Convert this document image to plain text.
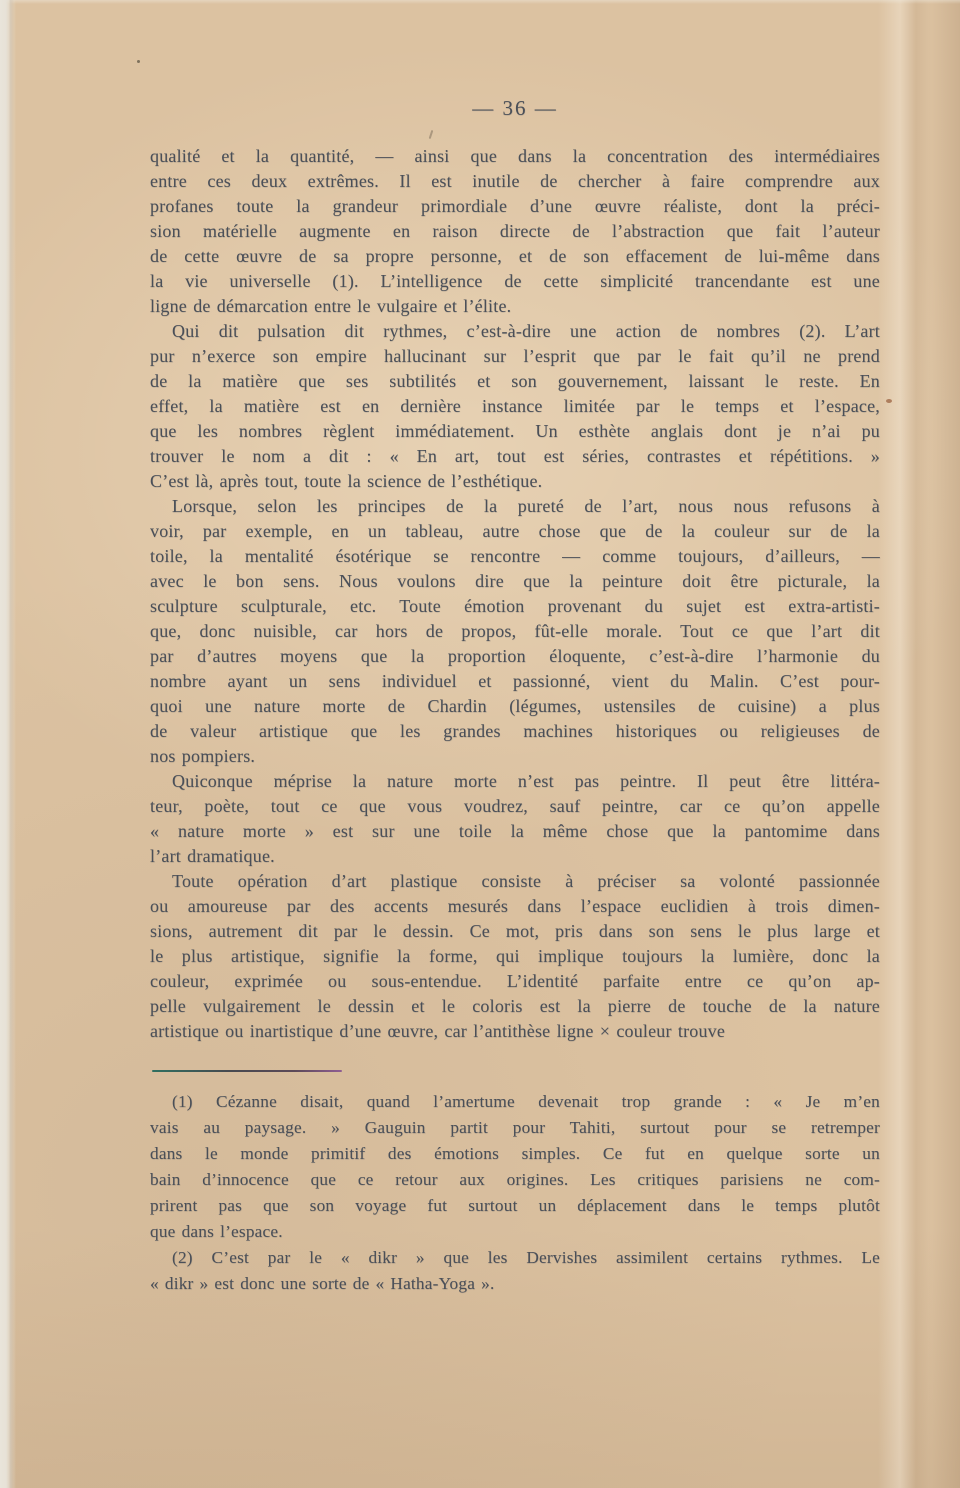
— 36 —
qualité et la quantité, — ainsi que dans la concentration des intermédiaires
entre ces deux extrêmes. Il est inutile de chercher à faire comprendre aux
profanes toute la grandeur primordiale d’une œuvre réaliste, dont la préci-
sion matérielle augmente en raison directe de l’abstraction que fait l’auteur
de cette œuvre de sa propre personne, et de son effacement de lui-même dans
la vie universelle (1). L’intelligence de cette simplicité trancendante est une
ligne de démarcation entre le vulgaire et l’élite.
Qui dit pulsation dit rythmes, c’est-à-dire une action de nombres (2). L’art
pur n’exerce son empire hallucinant sur l’esprit que par le fait qu’il ne prend
de la matière que ses subtilités et son gouvernement, laissant le reste. En
effet, la matière est en dernière instance limitée par le temps et l’espace,
que les nombres règlent immédiatement. Un esthète anglais dont je n’ai pu
trouver le nom a dit : « En art, tout est séries, contrastes et répétitions. »
C’est là, après tout, toute la science de l’esthétique.
Lorsque, selon les principes de la pureté de l’art, nous nous refusons à
voir, par exemple, en un tableau, autre chose que de la couleur sur de la
toile, la mentalité ésotérique se rencontre — comme toujours, d’ailleurs, —
avec le bon sens. Nous voulons dire que la peinture doit être picturale, la
sculpture sculpturale, etc. Toute émotion provenant du sujet est extra-artisti-
que, donc nuisible, car hors de propos, fût-elle morale. Tout ce que l’art dit
par d’autres moyens que la proportion éloquente, c’est-à-dire l’harmonie du
nombre ayant un sens individuel et passionné, vient du Malin. C’est pour-
quoi une nature morte de Chardin (légumes, ustensiles de cuisine) a plus
de valeur artistique que les grandes machines historiques ou religieuses de
nos pompiers.
Quiconque méprise la nature morte n’est pas peintre. Il peut être littéra-
teur, poète, tout ce que vous voudrez, sauf peintre, car ce qu’on appelle
« nature morte » est sur une toile la même chose que la pantomime dans
l’art dramatique.
Toute opération d’art plastique consiste à préciser sa volonté passionnée
ou amoureuse par des accents mesurés dans l’espace euclidien à trois dimen-
sions, autrement dit par le dessin. Ce mot, pris dans son sens le plus large et
le plus artistique, signifie la forme, qui implique toujours la lumière, donc la
couleur, exprimée ou sous-entendue. L’identité parfaite entre ce qu’on ap-
pelle vulgairement le dessin et le coloris est la pierre de touche de la nature
artistique ou inartistique d’une œuvre, car l’antithèse ligne × couleur trouve
(1) Cézanne disait, quand l’amertume devenait trop grande : « Je m’en
vais au paysage. » Gauguin partit pour Tahiti, surtout pour se retremper
dans le monde primitif des émotions simples. Ce fut en quelque sorte un
bain d’innocence que ce retour aux origines. Les critiques parisiens ne com-
prirent pas que son voyage fut surtout un déplacement dans le temps plutôt
que dans l’espace.
(2) C’est par le « dikr » que les Dervishes assimilent certains rythmes. Le
« dikr » est donc une sorte de « Hatha-Yoga ».
